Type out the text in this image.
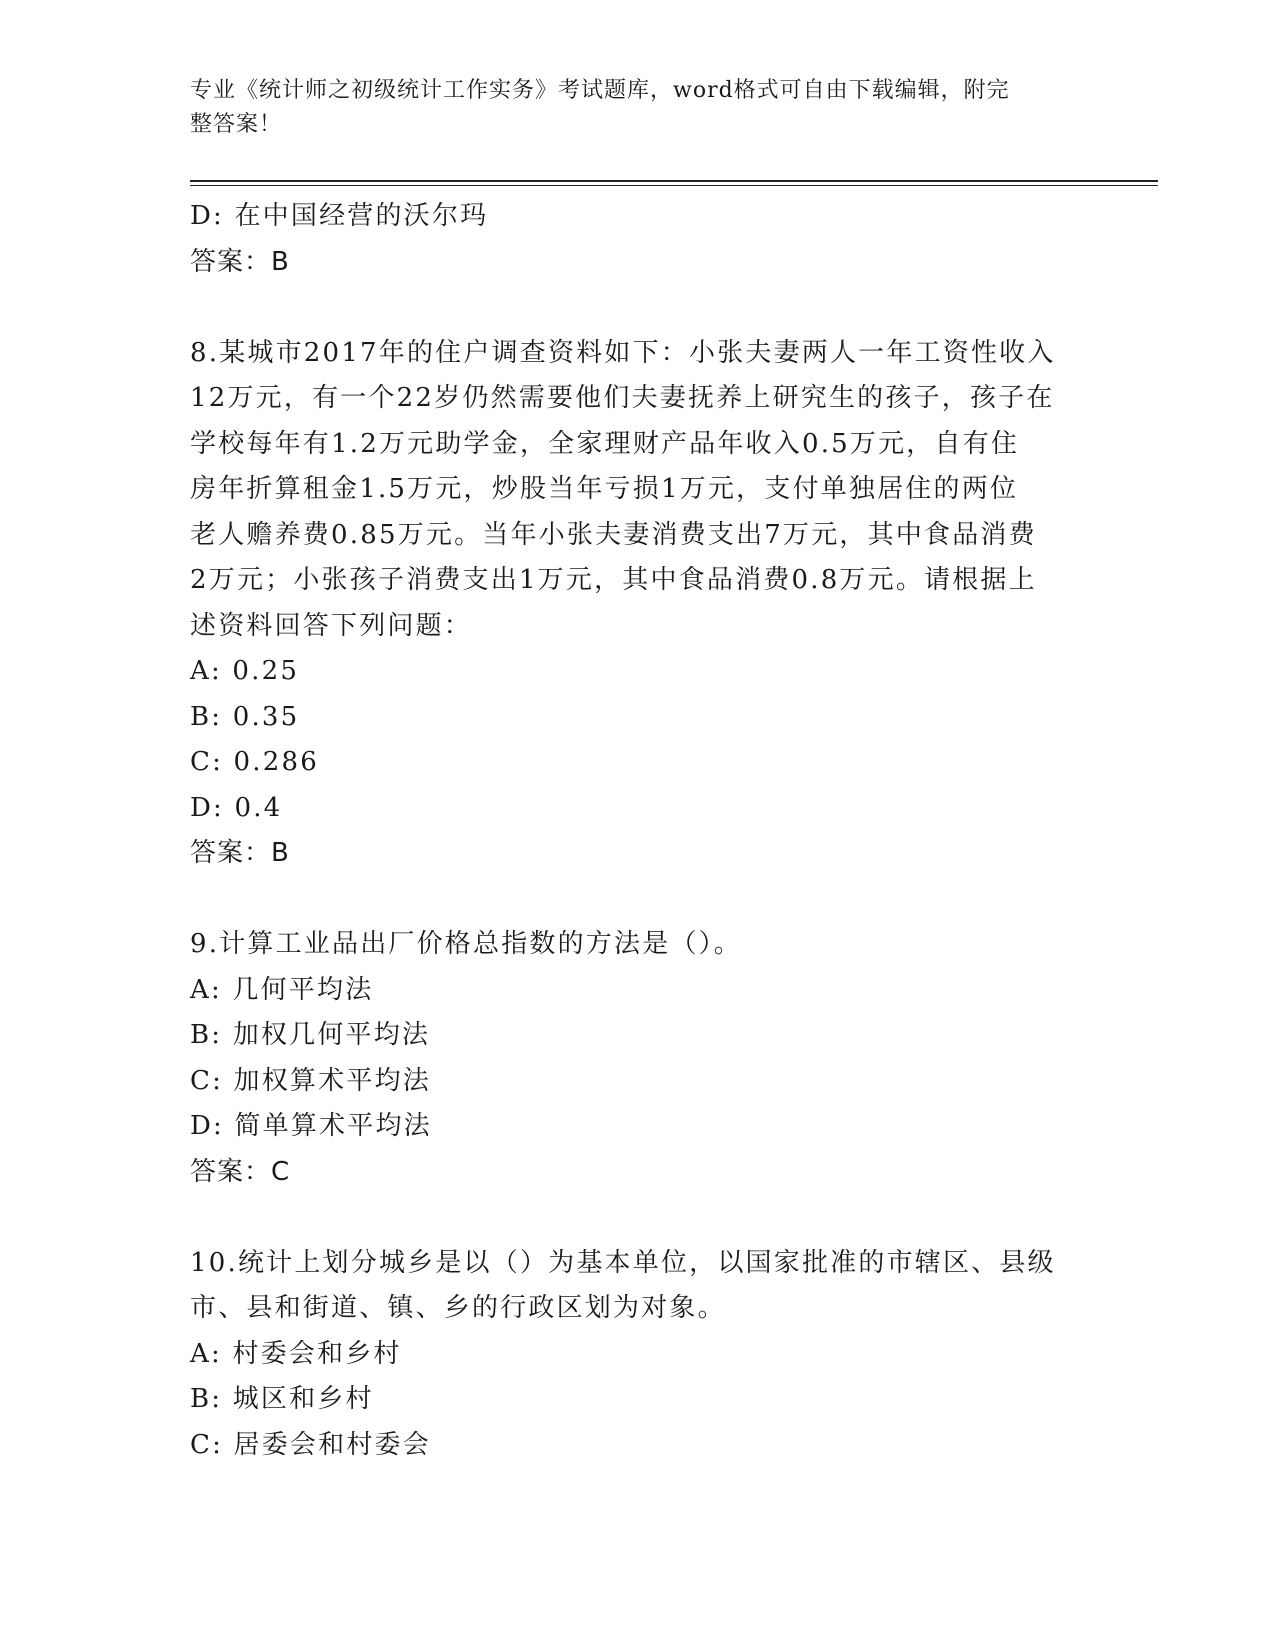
专业《统计师之初级统计工作实务》考试题库，word格式可自由下载编辑，附完
整答案！
D: 在中国经营的沃尔玛
答案：B
8.某城市2017年的住户调查资料如下：小张夫妻两人一年工资性收入
12万元，有一个22岁仍然需要他们夫妻抚养上研究生的孩子，孩子在
学校每年有1.2万元助学金，全家理财产品年收入0.5万元，自有住
房年折算租金1.5万元，炒股当年亏损1万元，支付单独居住的两位
老人赡养费0.85万元。当年小张夫妻消费支出7万元，其中食品消费
2万元；小张孩子消费支出1万元，其中食品消费0.8万元。请根据上
述资料回答下列问题：
A: 0.25
B: 0.35
C: 0.286
D: 0.4
答案：B
9.计算工业品出厂价格总指数的方法是（）。
A: 几何平均法
B: 加权几何平均法
C: 加权算术平均法
D: 简单算术平均法
答案：C
10.统计上划分城乡是以（）为基本单位，以国家批准的市辖区、县级
市、县和街道、镇、乡的行政区划为对象。
A: 村委会和乡村
B: 城区和乡村
C: 居委会和村委会
